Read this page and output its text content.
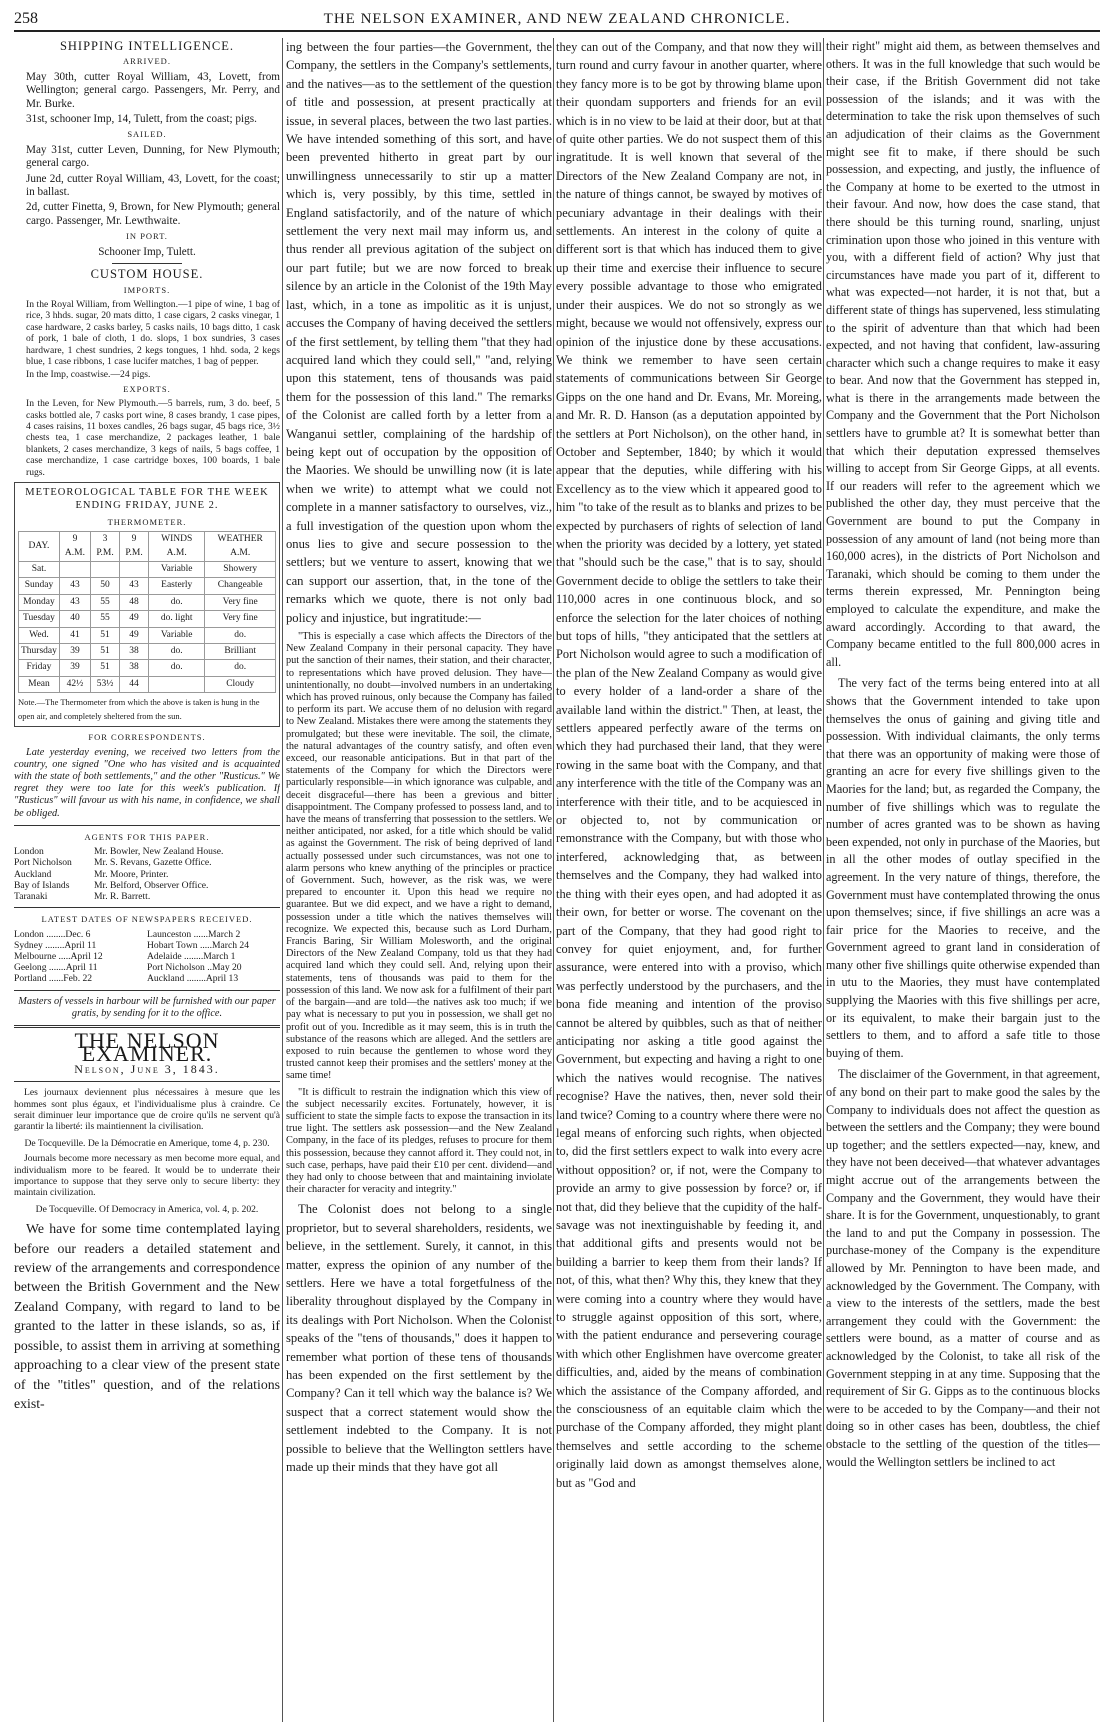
258	THE NELSON EXAMINER, AND NEW ZEALAND CHRONICLE.
SHIPPING INTELLIGENCE.
ARRIVED.

May 30th, cutter Royal William, 43, Lovett, from Wellington; general cargo. Passengers, Mr. Perry, and Mr. Burke.

31st, schooner Imp, 14, Tulett, from the coast; pigs.

SAILED.

May 31st, cutter Leven, Dunning, for New Plymouth; general cargo.

June 2d, cutter Royal William, 43, Lovett, for the coast; in ballast.

2d, cutter Finetta, 9, Brown, for New Plymouth; general cargo. Passenger, Mr. Lewthwaite.

IN PORT.

Schooner Imp, Tulett.

CUSTOM HOUSE.
IMPORTS.

In the Royal William, from Wellington.—1 pipe of wine, 1 bag of rice, 3 hhds. sugar, 20 mats ditto, 1 case cigars, 2 casks vinegar, 1 case hardware, 2 casks barley, 5 casks nails, 10 bags ditto, 1 cask of pork, 1 bale of cloth, 1 do. slops, 1 box sundries, 3 cases hardware, 1 chest sundries, 2 kegs tongues, 1 hhd. soda, 2 kegs blue, 1 case ribbons, 1 case lucifer matches, 1 bag of pepper.

In the Imp, coastwise.—24 pigs.

EXPORTS.

In the Leven, for New Plymouth.—5 barrels, rum, 3 do. beef, 5 casks bottled ale, 7 casks port wine, 8 cases brandy, 1 case pipes, 4 cases raisins, 11 boxes candles, 26 bags sugar, 45 bags rice, 3½ chests tea, 1 case merchandize, 2 packages leather, 1 bale blankets, 2 cases merchandize, 3 kegs of nails, 5 bags coffee, 1 case merchandize, 1 case cartridge boxes, 100 boards, 1 bale rugs.

METEOROLOGICAL TABLE FOR THE WEEK ENDING FRIDAY, JUNE 2.
THERMOMETER.
DAY.	9 A.M.	3 P.M.	9 P.M.	WINDS A.M.	WEATHER A.M.
Sat.				Variable	Showery
Sunday	43	50	43	Easterly	Changeable
Monday	43	55	48	do.	Very fine
Tuesday	40	55	49	do. light	Very fine
Wed.	41	51	49	Variable	do.
Thursday	39	51	38	do.	Brilliant
Friday	39	51	38	do.	do.
Mean	42½	53½	44		Cloudy
Note.—The Thermometer from which the above is taken is hung in the open air, and completely sheltered from the sun.
FOR CORRESPONDENTS.

Late yesterday evening, we received two letters from the country, one signed "One who has visited and is acquainted with the state of both settlements," and the other "Rusticus." We regret they were too late for this week's publication. If "Rusticus" will favour us with his name, in confidence, we shall be obliged.

AGENTS FOR THIS PAPER.
London	Mr. Bowler, New Zealand House.
Port Nicholson	Mr. S. Revans, Gazette Office.
Auckland	Mr. Moore, Printer.
Bay of Islands	Mr. Belford, Observer Office.
Taranaki	Mr. R. Barrett.
LATEST DATES OF NEWSPAPERS RECEIVED.
London ........Dec. 6	Launceston ......March 2
Sydney ........April 11	Hobart Town .....March 24
Melbourne .....April 12	Adelaide ........March 1
Geelong .......April 11	Port Nicholson ..May 20
Portland ......Feb. 22	Auckland ........April 13

Masters of vessels in harbour will be furnished with our paper gratis, by sending for it to the office.

THE NELSON EXAMINER.
Nelson, June 3, 1843.

Les journaux deviennent plus nécessaires à mesure que les hommes sont plus égaux, et l'individualisme plus à craindre. Ce serait diminuer leur importance que de croire qu'ils ne servent qu'à garantir la liberté: ils maintiennent la civilisation.

De Tocqueville. De la Démocratie en Amerique, tome 4, p. 230.

Journals become more necessary as men become more equal, and individualism more to be feared. It would be to underrate their importance to suppose that they serve only to secure liberty: they maintain civilization.

De Tocqueville. Of Democracy in America, vol. 4, p. 202.

We have for some time contemplated laying before our readers a detailed statement and review of the arrangements and correspondence between the British Government and the New Zealand Company, with regard to land to be granted to the latter in these islands, so as, if possible, to assist them in arriving at something approaching to a clear view of the present state of the "titles" question, and of the relations exist-

ing between the four parties—the Government, the Company, the settlers in the Company's settlements, and the natives—as to the settlement of the question of title and possession, at present practically at issue, in several places, between the two last parties. We have intended something of this sort, and have been prevented hitherto in great part by our unwillingness unnecessarily to stir up a matter which is, very possibly, by this time, settled in England satisfactorily, and of the nature of which settlement the very next mail may inform us, and thus render all previous agitation of the subject on our part futile; but we are now forced to break silence by an article in the Colonist of the 19th May last, which, in a tone as impolitic as it is unjust, accuses the Company of having deceived the settlers of the first settlement, by telling them "that they had acquired land which they could sell," "and, relying upon this statement, tens of thousands was paid them for the possession of this land." The remarks of the Colonist are called forth by a letter from a Wanganui settler, complaining of the hardship of being kept out of occupation by the opposition of the Maories. We should be unwilling now (it is late when we write) to attempt what we could not complete in a manner satisfactory to ourselves, viz., a full investigation of the question upon whom the onus lies to give and secure possession to the settlers; but we venture to assert, knowing that we can support our assertion, that, in the tone of the remarks which we quote, there is not only bad policy and injustice, but ingratitude:—

"This is especially a case which affects the Directors of the New Zealand Company in their personal capacity. They have put the sanction of their names, their station, and their character, to representations which have proved delusion. They have—unintentionally, no doubt—involved numbers in an undertaking which has proved ruinous, only because the Company has failed to perform its part. We accuse them of no delusion with regard to New Zealand. Mistakes there were among the statements they promulgated; but these were inevitable. The soil, the climate, the natural advantages of the country satisfy, and often even exceed, our reasonable anticipations. But in that part of the statements of the Company for which the Directors were particularly responsible—in which ignorance was culpable, and deceit disgraceful—there has been a grevious and bitter disappointment. The Company professed to possess land, and to have the means of transferring that possession to the settlers. We neither anticipated, nor asked, for a title which should be valid as against the Government. The risk of being deprived of land actually possessed under such circumstances, was not one to alarm persons who knew anything of the principles or practice of Government. Such, however, as the risk was, we were prepared to encounter it. Upon this head we require no guarantee. But we did expect, and we have a right to demand, possession under a title which the natives themselves will recognize. We expected this, because such as Lord Durham, Francis Baring, Sir William Molesworth, and the original Directors of the New Zealand Company, told us that they had acquired land which they could sell. And, relying upon their statements, tens of thousands was paid to them for the possession of this land. We now ask for a fulfilment of their part of the bargain—and are told—the natives ask too much; if we pay what is necessary to put you in possession, we shall get no profit out of you. Incredible as it may seem, this is in truth the substance of the reasons which are alleged. And the settlers are exposed to ruin because the gentlemen to whose word they trusted cannot keep their promises and the settlers' money at the same time!

"It is difficult to restrain the indignation which this view of the subject necessarily excites. Fortunately, however, it is sufficient to state the simple facts to expose the transaction in its true light. The settlers ask possession—and the New Zealand Company, in the face of its pledges, refuses to procure for them this possession, because they cannot afford it. They could not, in such case, perhaps, have paid their £10 per cent. dividend—and they had only to choose between that and maintaining inviolate their character for veracity and integrity."

The Colonist does not belong to a single proprietor, but to several shareholders, residents, we believe, in the settlement. Surely, it cannot, in this matter, express the opinion of any number of the settlers. Here we have a total forgetfulness of the liberality throughout displayed by the Company in its dealings with Port Nicholson. When the Colonist speaks of the "tens of thousands," does it happen to remember what portion of these tens of thousands has been expended on the first settlement by the Company? Can it tell which way the balance is? We suspect that a correct statement would show the settlement indebted to the Company. It is not possible to believe that the Wellington settlers have made up their minds that they have got all

they can out of the Company, and that now they will turn round and curry favour in another quarter, where they fancy more is to be got by throwing blame upon their quondam supporters and friends for an evil which is in no view to be laid at their door, but at that of quite other parties. We do not suspect them of this ingratitude. It is well known that several of the Directors of the New Zealand Company are not, in the nature of things cannot, be swayed by motives of pecuniary advantage in their dealings with their settlements. An interest in the colony of quite a different sort is that which has induced them to give up their time and exercise their influence to secure every possible advantage to those who emigrated under their auspices. We do not so strongly as we might, because we would not offensively, express our opinion of the injustice done by these accusations. We think we remember to have seen certain statements of communications between Sir George Gipps on the one hand and Dr. Evans, Mr. Moreing, and Mr. R. D. Hanson (as a deputation appointed by the settlers at Port Nicholson), on the other hand, in October and September, 1840; by which it would appear that the deputies, while differing with his Excellency as to the view which it appeared good to him "to take of the result as to blanks and prizes to be expected by purchasers of rights of selection of land when the priority was decided by a lottery, yet stated that "should such be the case," that is to say, should Government decide to oblige the settlers to take their 110,000 acres in one continuous block, and so enforce the selection for the later choices of nothing but tops of hills, "they anticipated that the settlers at Port Nicholson would agree to such a modification of the plan of the New Zealand Company as would give to every holder of a land-order a share of the available land within the district." Then, at least, the settlers appeared perfectly aware of the terms on which they had purchased their land, that they were rowing in the same boat with the Company, and that any interference with the title of the Company was an interference with their title, and to be acquiesced in or objected to, not by communication or remonstrance with the Company, but with those who interfered, acknowledging that, as between themselves and the Company, they had walked into the thing with their eyes open, and had adopted it as their own, for better or worse. The covenant on the part of the Company, that they had good right to convey for quiet enjoyment, and, for further assurance, were entered into with a proviso, which was perfectly understood by the purchasers, and the bona fide meaning and intention of the proviso cannot be altered by quibbles, such as that of neither anticipating nor asking a title good against the Government, but expecting and having a right to one which the natives would recognise. The natives recognise? Have the natives, then, never sold their land twice? Coming to a country where there were no legal means of enforcing such rights, when objected to, did the first settlers expect to walk into every acre without opposition? or, if not, were the Company to provide an army to give possession by force? or, if not that, did they believe that the cupidity of the half-savage was not inextinguishable by feeding it, and that additional gifts and presents would not be building a barrier to keep them from their lands? If not, of this, what then? Why this, they knew that they were coming into a country where they would have to struggle against opposition of this sort, where, with the patient endurance and persevering courage with which other Englishmen have overcome greater difficulties, and, aided by the means of combination which the assistance of the Company afforded, and the consciousness of an equitable claim which the purchase of the Company afforded, they might plant themselves and settle according to the scheme originally laid down as amongst themselves alone, but as "God and

their right" might aid them, as between themselves and others. It was in the full knowledge that such would be their case, if the British Government did not take possession of the islands; and it was with the determination to take the risk upon themselves of such an adjudication of their claims as the Government might see fit to make, if there should be such possession, and expecting, and justly, the influence of the Company at home to be exerted to the utmost in their favour. And now, how does the case stand, that there should be this turning round, snarling, unjust crimination upon those who joined in this venture with you, with a different field of action? Why just that circumstances have made you part of it, different to what was expected—not harder, it is not that, but a different state of things has supervened, less stimulating to the spirit of adventure than that which had been expected, and not having that confident, law-assuring character which such a change requires to make it easy to bear. And now that the Government has stepped in, what is there in the arrangements made between the Company and the Government that the Port Nicholson settlers have to grumble at? It is somewhat better than that which their deputation expressed themselves willing to accept from Sir George Gipps, at all events. If our readers will refer to the agreement which we published the other day, they must perceive that the Government are bound to put the Company in possession of any amount of land (not being more than 160,000 acres), in the districts of Port Nicholson and Taranaki, which should be coming to them under the terms therein expressed, Mr. Pennington being employed to calculate the expenditure, and make the award accordingly. According to that award, the Company became entitled to the full 800,000 acres in all.

The very fact of the terms being entered into at all shows that the Government intended to take upon themselves the onus of gaining and giving title and possession. With individual claimants, the only terms that there was an opportunity of making were those of granting an acre for every five shillings given to the Maories for the land; but, as regarded the Company, the number of five shillings which was to regulate the number of acres granted was to be shown as having been expended, not only in purchase of the Maories, but in all the other modes of outlay specified in the agreement. In the very nature of things, therefore, the Government must have contemplated throwing the onus upon themselves; since, if five shillings an acre was a fair price for the Maories to receive, and the Government agreed to grant land in consideration of many other five shillings quite otherwise expended than in utu to the Maories, they must have contemplated supplying the Maories with this five shillings per acre, or its equivalent, to make their bargain just to the settlers to them, and to afford a safe title to those buying of them.

The disclaimer of the Government, in that agreement, of any bond on their part to make good the sales by the Company to individuals does not affect the question as between the settlers and the Company; they were bound up together; and the settlers expected—nay, knew, and they have not been deceived—that whatever advantages might accrue out of the arrangements between the Company and the Government, they would have their share. It is for the Government, unquestionably, to grant the land to and put the Company in possession. The purchase-money of the Company is the expenditure allowed by Mr. Pennington to have been made, and acknowledged by the Government. The Company, with a view to the interests of the settlers, made the best arrangement they could with the Government: the settlers were bound, as a matter of course and as acknowledged by the Colonist, to take all risk of the Government stepping in at any time. Supposing that the requirement of Sir G. Gipps as to the continuous blocks were to be acceded to by the Company—and their not doing so in other cases has been, doubtless, the chief obstacle to the settling of the question of the titles—would the Wellington settlers be inclined to act
